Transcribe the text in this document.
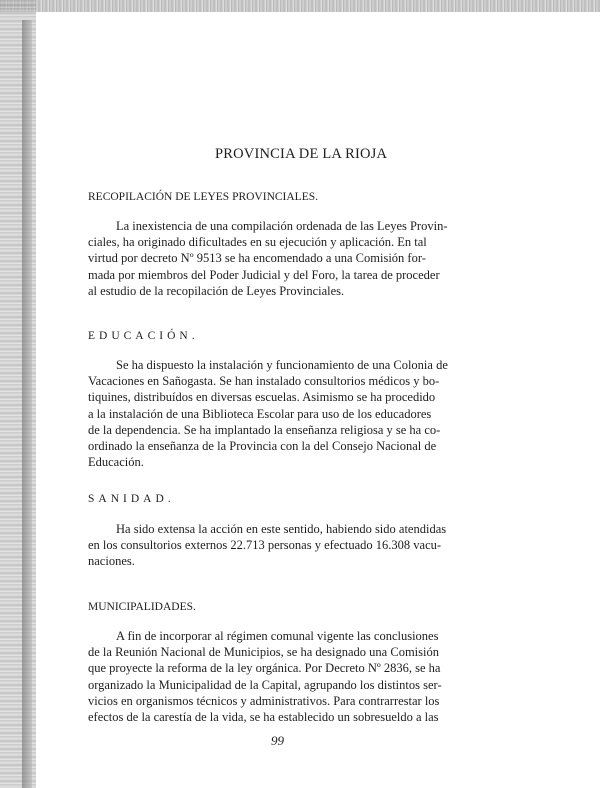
PROVINCIA DE LA RIOJA
RECOPILACIÓN DE LEYES PROVINCIALES.

La inexistencia de una compilación ordenada de las Leyes Provin-
ciales, ha originado dificultades en su ejecución y aplicación. En tal
virtud por decreto Nº 9513 se ha encomendado a una Comisión for-
mada por miembros del Poder Judicial y del Foro, la tarea de proceder
al estudio de la recopilación de Leyes Provinciales.

EDUCACIÓN.

Se ha dispuesto la instalación y funcionamiento de una Colonia de
Vacaciones en Sañogasta. Se han instalado consultorios médicos y bo-
tiquines, distribuídos en diversas escuelas. Asimismo se ha procedido
a la instalación de una Biblioteca Escolar para uso de los educadores
de la dependencia. Se ha implantado la enseñanza religiosa y se ha co-
ordinado la enseñanza de la Provincia con la del Consejo Nacional de
Educación.

SANIDAD.

Ha sido extensa la acción en este sentido, habiendo sido atendidas
en los consultorios externos 22.713 personas y efectuado 16.308 vacu-
naciones.

MUNICIPALIDADES.

A fin de incorporar al régimen comunal vigente las conclusiones
de la Reunión Nacional de Municipios, se ha designado una Comisión
que proyecte la reforma de la ley orgánica. Por Decreto Nº 2836, se ha
organizado la Municipalidad de la Capital, agrupando los distintos ser-
vicios en organismos técnicos y administrativos. Para contrarrestar los
efectos de la carestía de la vida, se ha establecido un sobresueldo a las

99
